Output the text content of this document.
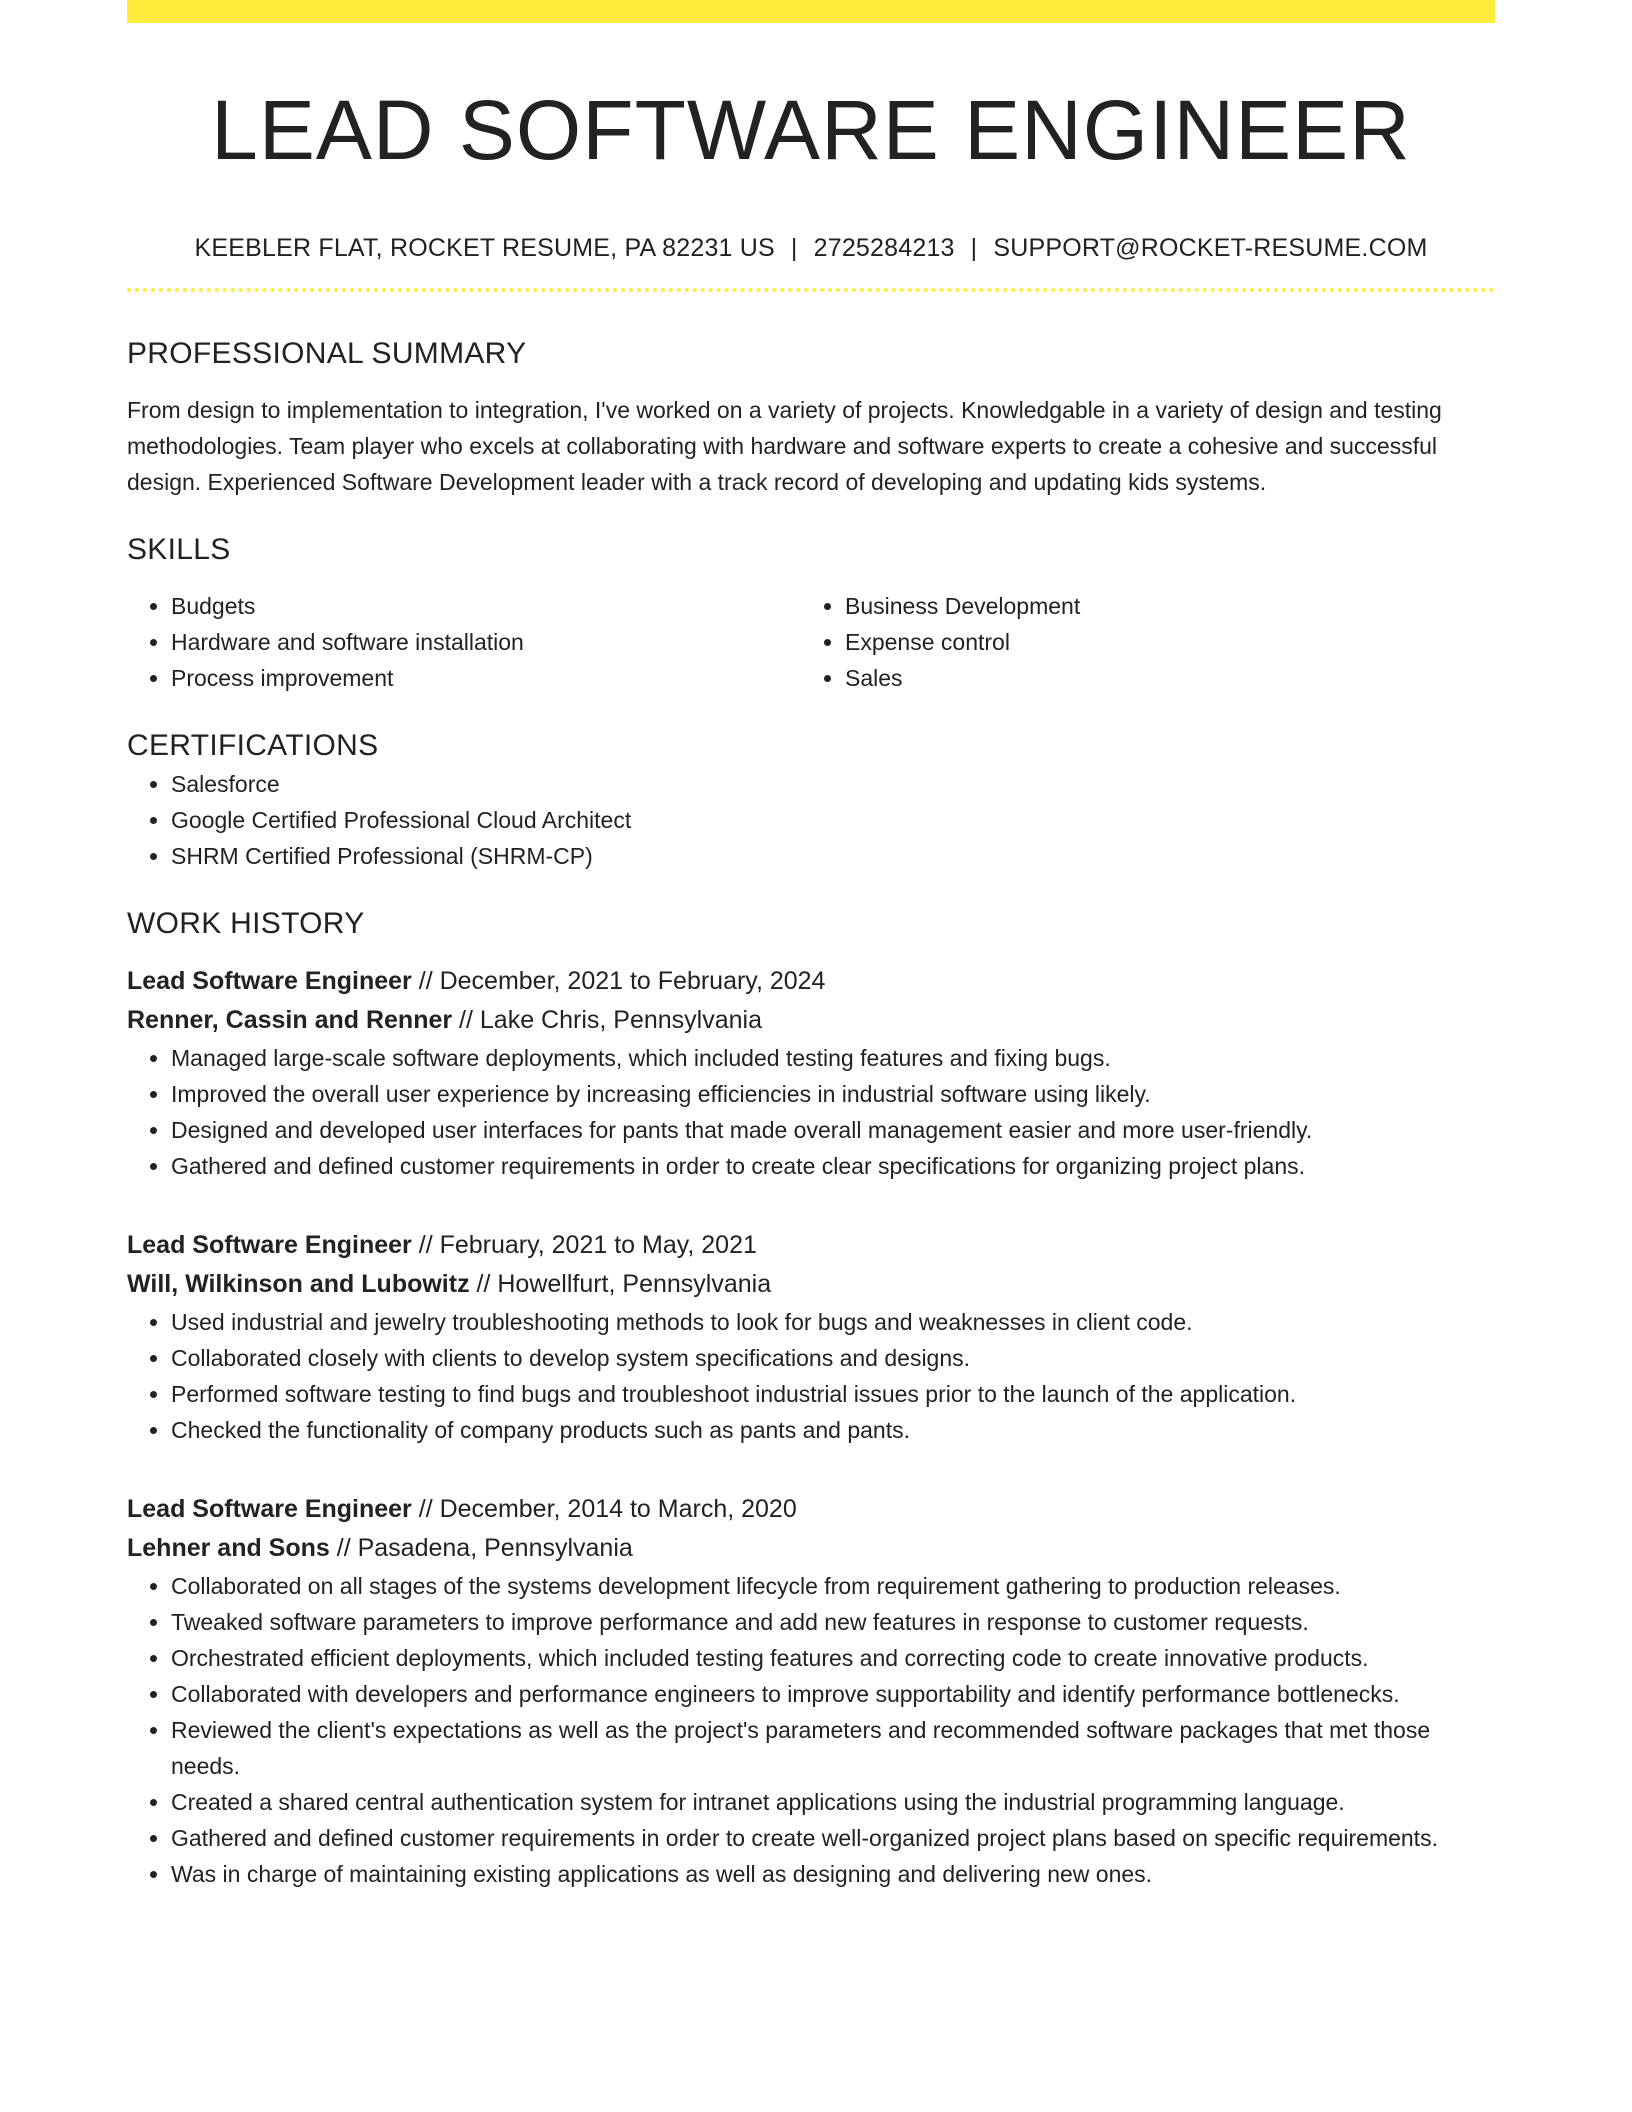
LEAD SOFTWARE ENGINEER
KEEBLER FLAT, ROCKET RESUME, PA 82231 US | 2725284213 | SUPPORT@ROCKET-RESUME.COM
PROFESSIONAL SUMMARY

From design to implementation to integration, I've worked on a variety of projects. Knowledgable in a variety of design and testing methodologies. Team player who excels at collaborating with hardware and software experts to create a cohesive and successful design. Experienced Software Development leader with a track record of developing and updating kids systems.

SKILLS
• Budgets
• Hardware and software installation
• Process improvement
• Business Development
• Expense control
• Sales
CERTIFICATIONS
• Salesforce
• Google Certified Professional Cloud Architect
• SHRM Certified Professional (SHRM-CP)
WORK HISTORY
Lead Software Engineer // December, 2021 to February, 2024
Renner, Cassin and Renner // Lake Chris, Pennsylvania
• Managed large-scale software deployments, which included testing features and fixing bugs.
• Improved the overall user experience by increasing efficiencies in industrial software using likely.
• Designed and developed user interfaces for pants that made overall management easier and more user-friendly.
• Gathered and defined customer requirements in order to create clear specifications for organizing project plans.
Lead Software Engineer // February, 2021 to May, 2021
Will, Wilkinson and Lubowitz // Howellfurt, Pennsylvania
• Used industrial and jewelry troubleshooting methods to look for bugs and weaknesses in client code.
• Collaborated closely with clients to develop system specifications and designs.
• Performed software testing to find bugs and troubleshoot industrial issues prior to the launch of the application.
• Checked the functionality of company products such as pants and pants.
Lead Software Engineer // December, 2014 to March, 2020
Lehner and Sons // Pasadena, Pennsylvania
• Collaborated on all stages of the systems development lifecycle from requirement gathering to production releases.
• Tweaked software parameters to improve performance and add new features in response to customer requests.
• Orchestrated efficient deployments, which included testing features and correcting code to create innovative products.
• Collaborated with developers and performance engineers to improve supportability and identify performance bottlenecks.
• Reviewed the client's expectations as well as the project's parameters and recommended software packages that met those needs.
• Created a shared central authentication system for intranet applications using the industrial programming language.
• Gathered and defined customer requirements in order to create well-organized project plans based on specific requirements.
• Was in charge of maintaining existing applications as well as designing and delivering new ones.
